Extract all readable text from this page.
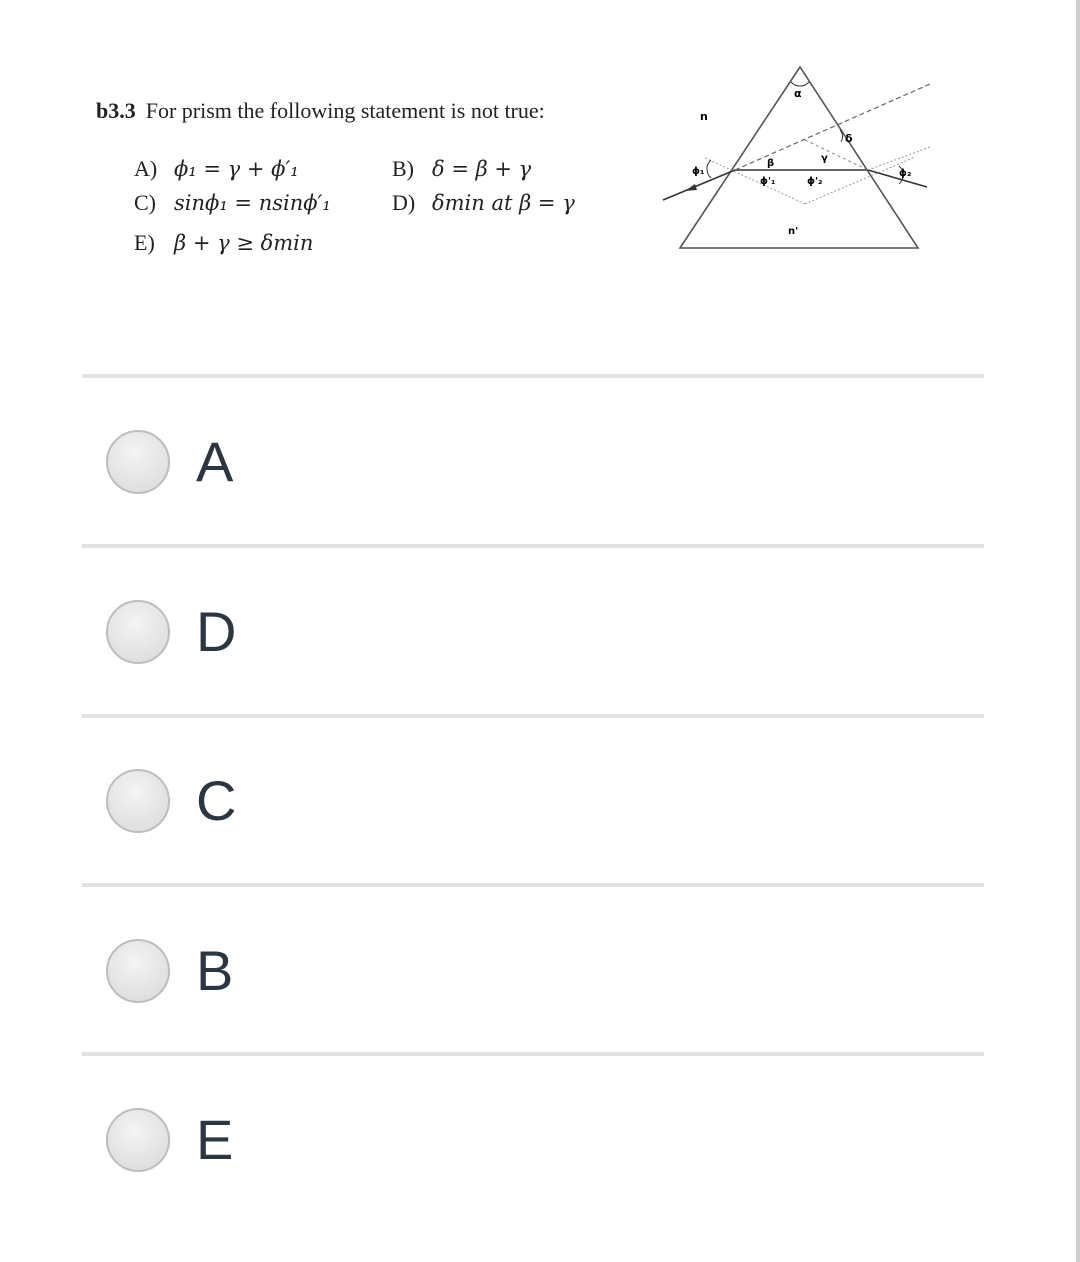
b3.3 For prism the following statement is not true:
A) ϕ₁ = γ + ϕ′₁	B) δ = β + γ
C) sinϕ₁ = nsinϕ′₁	D) δmin at β = γ
E) β + γ ≥ δmin
α
δ
β	γ
n
n'
ϕ₁
ϕ'₁	ϕ'₂
ϕ₂
A
D
C
B
E
